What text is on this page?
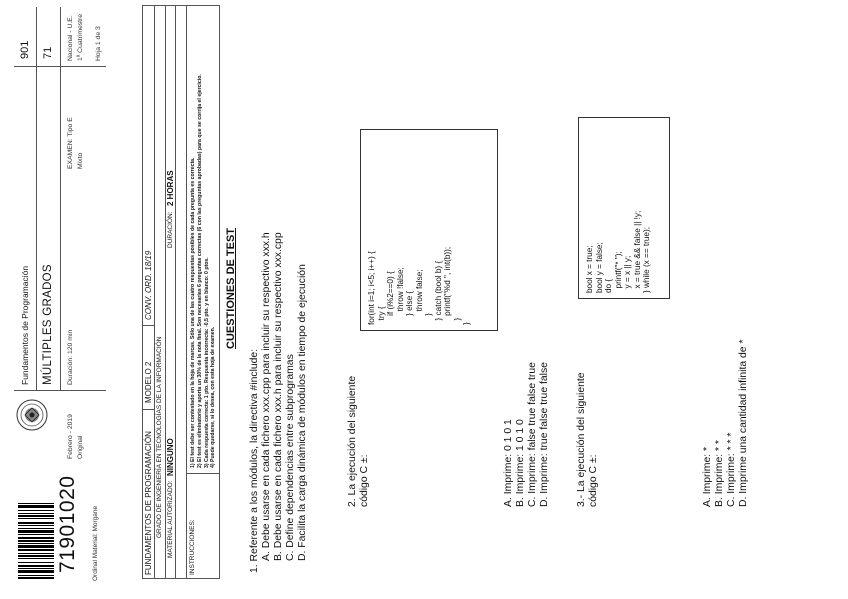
71901020 Ordinal Material: Morgane
Fundamentos de Programación MÚLTIPLES GRADOS
901 71
Febrero - 2019 Original
Duración: 120 min
EXAMEN: Tipo E Mixto
Nacional - U.E. 1ª Cuatrimestre Hoja 1 de 3
FUNDAMENTOS DE PROGRAMACIÓN
MODELO 2
CONV. ORD. 18/19
GRADO DE INGENIERÍA EN TECNOLOGÍAS DE LA INFORMACIÓN MATERIAL AUTORIZADO:
NINGUNO
DURACIÓN:
2 HORAS
INSTRUCCIONES:
1) El test debe ser contestado en la hoja de marcas. Sólo una de las cuatro respuestas posibles de cada pregunta es correcta. 2) El test es eliminatorio y aporta un 30% de la nota final. Son necesarias 6 preguntas correctas (6 con las preguntas aprobadas) para que se corrija el ejercicio. 3) Cada respuesta correcta: 1 pto. Respuesta incorrecta: -0,5 pto. y en blanco: 0 ptos. 4) Puede quedarse, si lo desea, con esta hoja de examen.
CUESTIONES DE TEST
1. Referente a los módulos, la directiva #include: A. Debe usarse en cada fichero xxx.cpp para incluir su respectivo xxx.h B. Debe usarse en cada fichero xxx.h para incluir su respectivo xxx.cpp C. Define dependencias entre subprogramas D. Facilita la carga dinámica de módulos en tiempo de ejecución	2. La ejecución del siguiente código C ±:
for(int i=1; i<5; i++) {
try {
if (i%2==0) {
throw !false;
} else {
throw false;
}
} catch (bool b) {
printf("%d ", int(b));
}
}
A. Imprime: 0 1 0 1 B. Imprime: 1 0 1 0 C. Imprime: false true false true D. Imprime: true false true false	3.- La ejecución del siguiente código C ±:
bool x = true;
bool y = false;
do {
printf("* ");
y = x || y;
x = true && false || !y;
} while (x == true);
A. Imprime: * B. Imprime: * * C. Imprime: * * * D. Imprime una cantidad infinita de *
